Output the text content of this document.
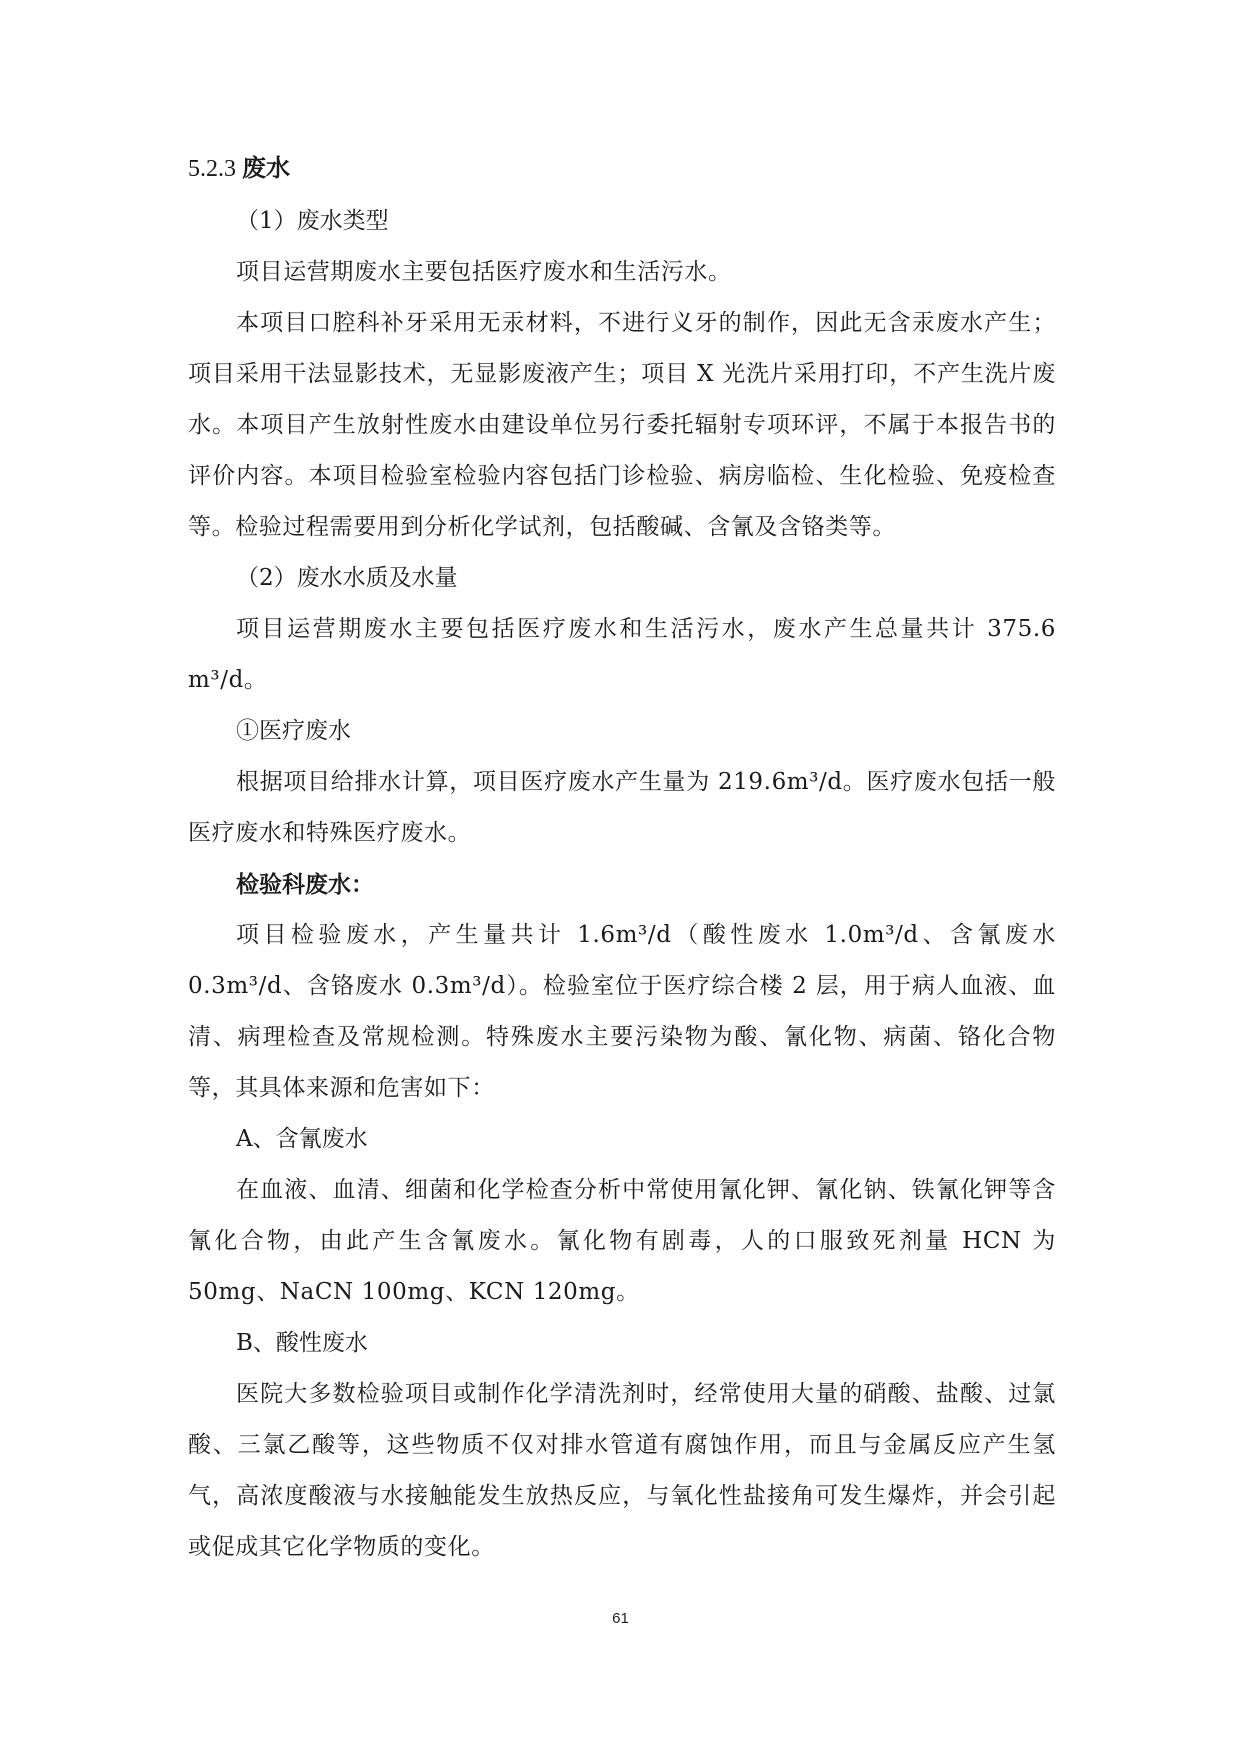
5.2.3 废水

（1）废水类型

项目运营期废水主要包括医疗废水和生活污水。

本项目口腔科补牙采用无汞材料，不进行义牙的制作，因此无含汞废水产生；项目采用干法显影技术，无显影废液产生；项目 X 光洗片采用打印，不产生洗片废水。本项目产生放射性废水由建设单位另行委托辐射专项环评，不属于本报告书的评价内容。本项目检验室检验内容包括门诊检验、病房临检、生化检验、免疫检查等。检验过程需要用到分析化学试剂，包括酸碱、含氰及含铬类等。

（2）废水水质及水量

项目运营期废水主要包括医疗废水和生活污水，废水产生总量共计 375.6 m³/d。

①医疗废水

根据项目给排水计算，项目医疗废水产生量为 219.6m³/d。医疗废水包括一般医疗废水和特殊医疗废水。

检验科废水：

项目检验废水，产生量共计 1.6m³/d（酸性废水 1.0m³/d、含氰废水 0.3m³/d、含铬废水 0.3m³/d）。检验室位于医疗综合楼 2 层，用于病人血液、血清、病理检查及常规检测。特殊废水主要污染物为酸、氰化物、病菌、铬化合物等，其具体来源和危害如下：

A、含氰废水

在血液、血清、细菌和化学检查分析中常使用氰化钾、氰化钠、铁氰化钾等含氰化合物，由此产生含氰废水。氰化物有剧毒，人的口服致死剂量 HCN 为 50mg、NaCN 100mg、KCN 120mg。

B、酸性废水

医院大多数检验项目或制作化学清洗剂时，经常使用大量的硝酸、盐酸、过氯酸、三氯乙酸等，这些物质不仅对排水管道有腐蚀作用，而且与金属反应产生氢气，高浓度酸液与水接触能发生放热反应，与氧化性盐接角可发生爆炸，并会引起或促成其它化学物质的变化。

61
